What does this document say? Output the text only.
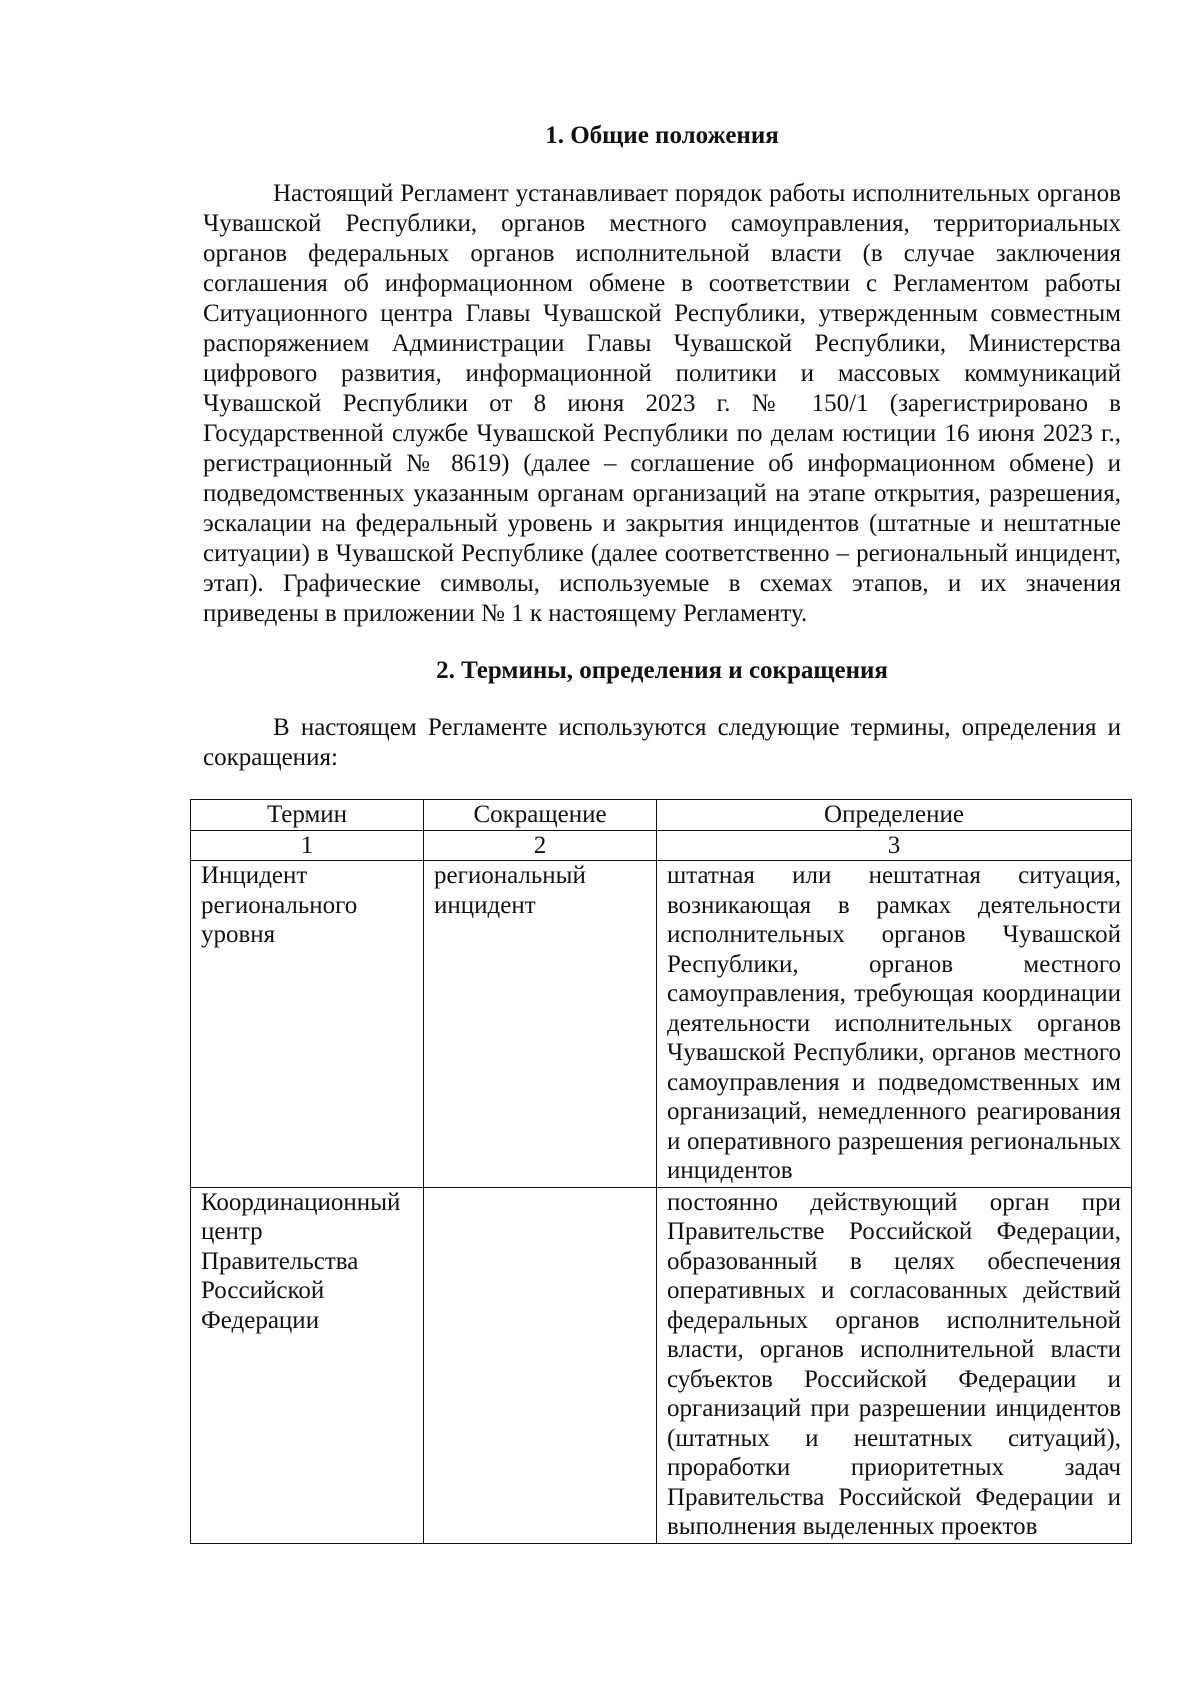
1. Общие положения
Настоящий Регламент устанавливает порядок работы исполнительных органов Чувашской Республики, органов местного самоуправления, территориальных органов федеральных органов исполнительной власти (в случае заключения соглашения об информационном обмене в соответствии с Регламентом работы Ситуационного центра Главы Чувашской Республики, утвержденным совместным распоряжением Администрации Главы Чувашской Республики, Министерства цифрового развития, информационной политики и массовых коммуникаций Чувашской Республики от 8 июня 2023 г. № 150/1 (зарегистрировано в Государственной службе Чувашской Республики по делам юстиции 16 июня 2023 г., регистрационный № 8619) (далее – соглашение об информационном обмене) и подведомственных указанным органам организаций на этапе открытия, разрешения, эскалации на федеральный уровень и закрытия инцидентов (штатные и нештатные ситуации) в Чувашской Республике (далее соответственно – региональный инцидент, этап). Графические символы, используемые в схемах этапов, и их значения приведены в приложении № 1 к настоящему Регламенту.
2. Термины, определения и сокращения
В настоящем Регламенте используются следующие термины, определения и сокращения:
Термин	Сокращение	Определение
1	2	3
Инцидент регионального уровня	региональный инцидент	штатная или нештатная ситуация, возникающая в рамках деятельности исполнительных органов Чувашской Республики, органов местного самоуправления, требующая координации деятельности исполнительных органов Чувашской Республики, органов местного самоуправления и подведомственных им организаций, немедленного реагирования и оперативного разрешения региональных инцидентов
Координационный центр Правительства Российской Федерации		постоянно действующий орган при Правительстве Российской Федерации, образованный в целях обеспечения оперативных и согласованных действий федеральных органов исполнительной власти, органов исполнительной власти субъектов Российской Федерации и организаций при разрешении инцидентов (штатных и нештатных ситуаций), проработки приоритетных задач Правительства Российской Федерации и выполнения выделенных проектов
